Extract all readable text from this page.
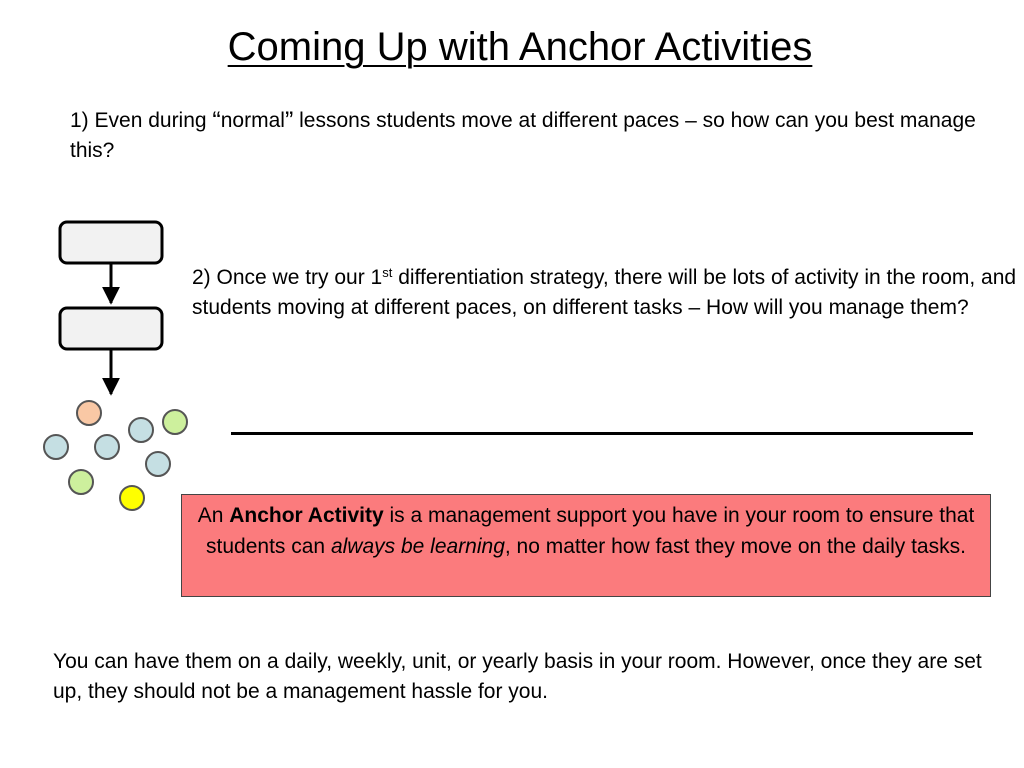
Coming Up with Anchor Activities
1) Even during “normal” lessons students move at different paces – so how can you best manage this?
2) Once we try our 1st differentiation strategy, there will be lots of activity in the room, and students moving at different paces, on different tasks – How will you manage them?
An Anchor Activity is a management support you have in your room to ensure that students can always be learning, no matter how fast they move on the daily tasks.
You can have them on a daily, weekly, unit, or yearly basis in your room. However, once they are set up, they should not be a management hassle for you.
